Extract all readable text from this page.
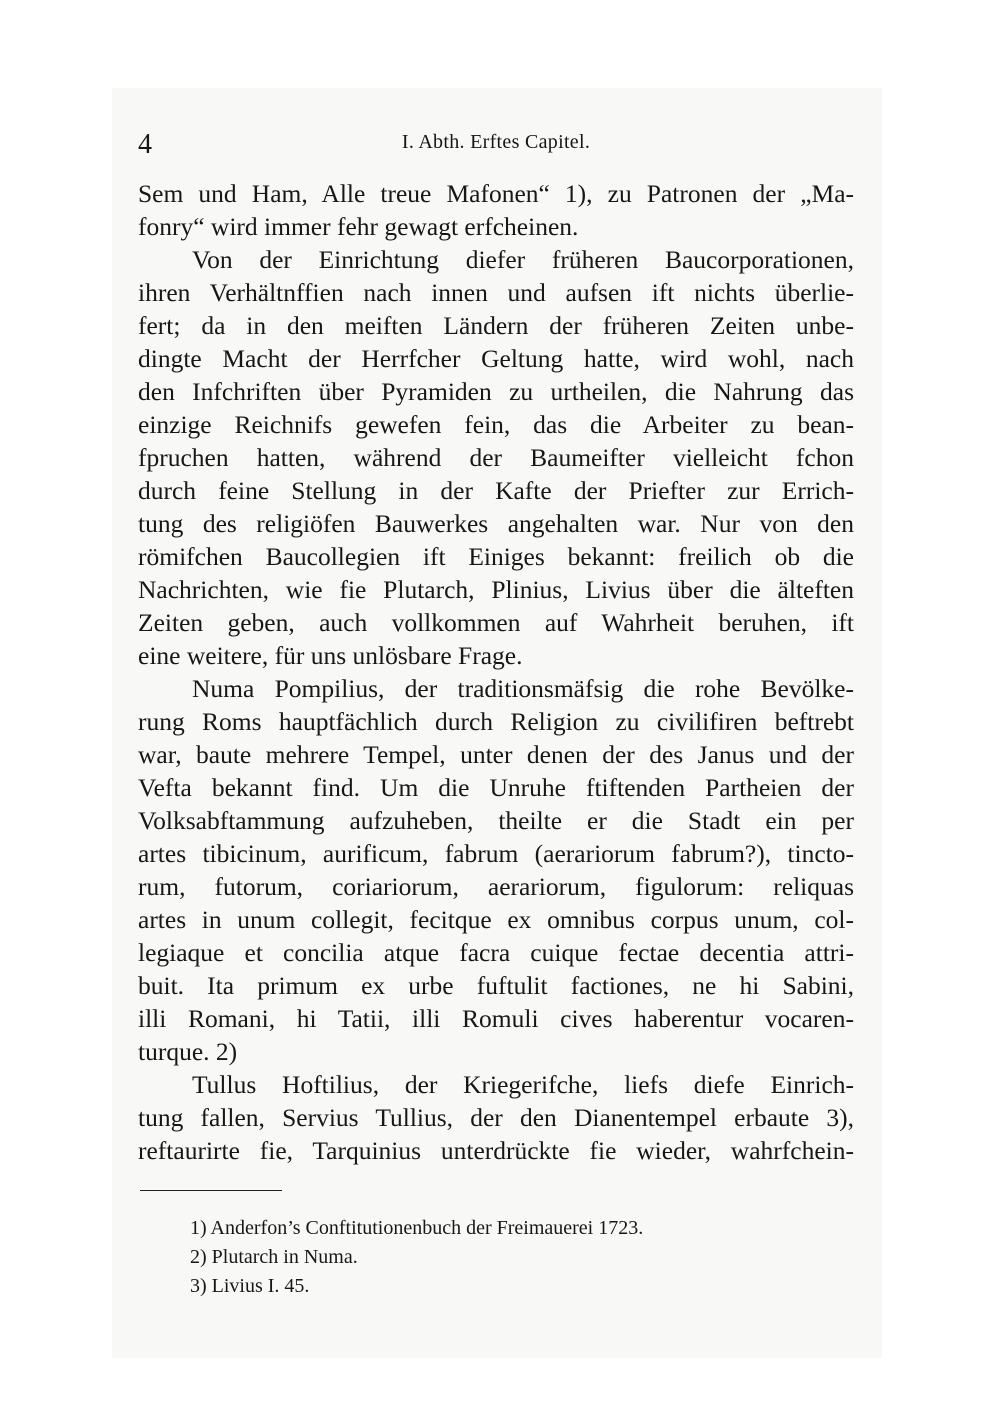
4	I. Abth. Erftes Capitel.

Sem und Ham, Alle treue Mafonen“ 1), zu Patronen der „Ma-
fonry“ wird immer fehr gewagt erfcheinen.

Von der Einrichtung diefer früheren Baucorporationen,
ihren Verhältnffien nach innen und aufsen ift nichts überlie-
fert; da in den meiften Ländern der früheren Zeiten unbe-
dingte Macht der Herrfcher Geltung hatte, wird wohl, nach
den Infchriften über Pyramiden zu urtheilen, die Nahrung das
einzige Reichnifs gewefen fein, das die Arbeiter zu bean-
fpruchen hatten, während der Baumeifter vielleicht fchon
durch feine Stellung in der Kafte der Priefter zur Errich-
tung des religiöfen Bauwerkes angehalten war. Nur von den
römifchen Baucollegien ift Einiges bekannt: freilich ob die
Nachrichten, wie fie Plutarch, Plinius, Livius über die älteften
Zeiten geben, auch vollkommen auf Wahrheit beruhen, ift
eine weitere, für uns unlösbare Frage.

Numa Pompilius, der traditionsmäfsig die rohe Bevölke-
rung Roms hauptfächlich durch Religion zu civilifiren beftrebt
war, baute mehrere Tempel, unter denen der des Janus und der
Vefta bekannt find. Um die Unruhe ftiftenden Partheien der
Volksabftammung aufzuheben, theilte er die Stadt ein per
artes tibicinum, aurificum, fabrum (aerariorum fabrum?), tincto-
rum, futorum, coriariorum, aerariorum, figulorum: reliquas
artes in unum collegit, fecitque ex omnibus corpus unum, col-
legiaque et concilia atque facra cuique fectae decentia attri-
buit. Ita primum ex urbe fuftulit factiones, ne hi Sabini,
illi Romani, hi Tatii, illi Romuli cives haberentur vocaren-
turque. 2)

Tullus Hoftilius, der Kriegerifche, liefs diefe Einrich-
tung fallen, Servius Tullius, der den Dianentempel erbaute 3),
reftaurirte fie, Tarquinius unterdrückte fie wieder, wahrfchein-

1) Anderfon’s Conftitutionenbuch der Freimauerei 1723.
2) Plutarch in Numa.
3) Livius I. 45.
